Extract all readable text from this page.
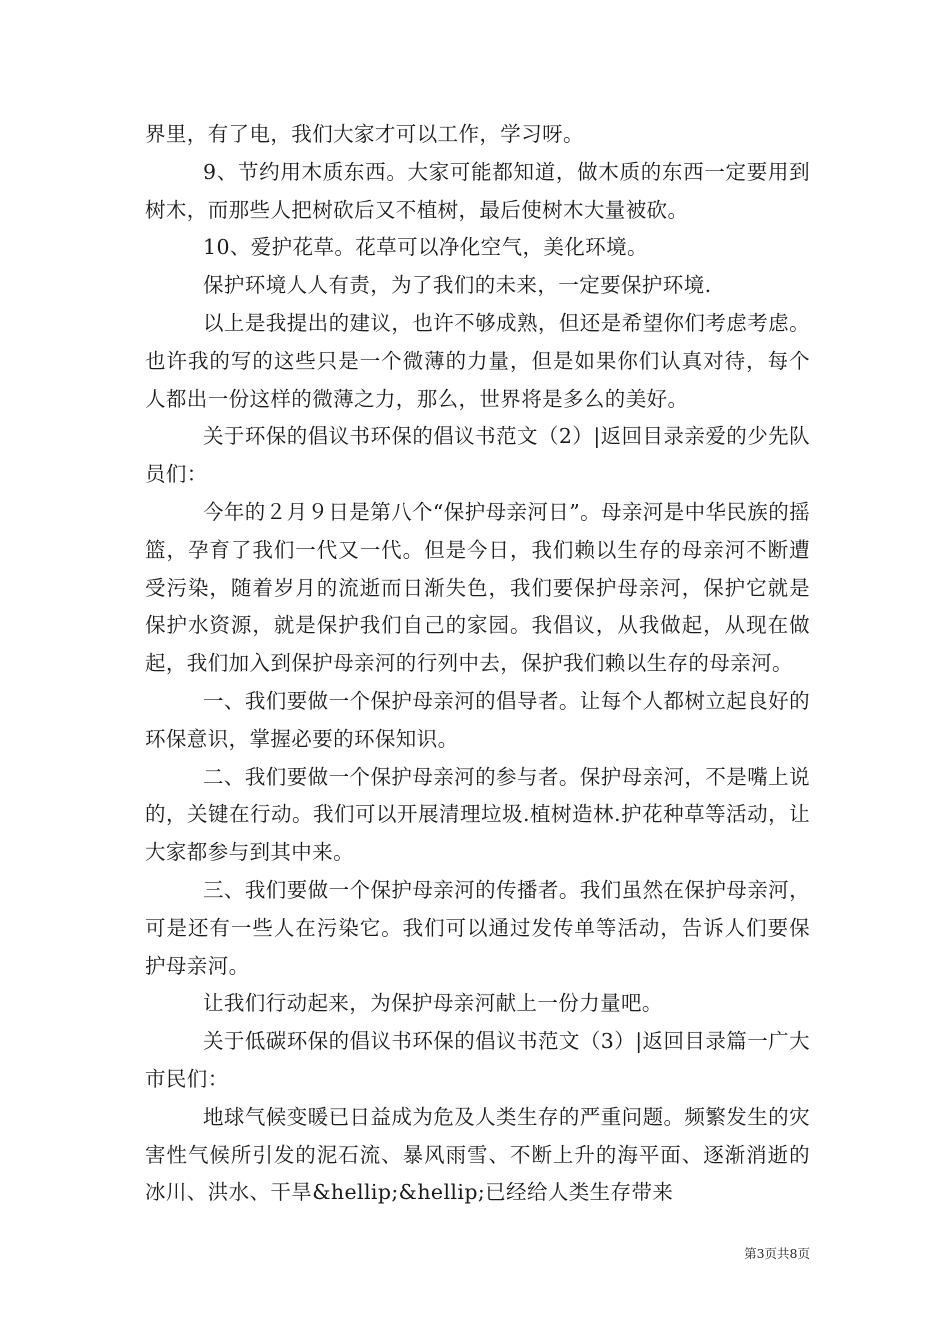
界里，有了电，我们大家才可以工作，学习呀。

9、节约用木质东西。大家可能都知道，做木质的东西一定要用到树木，而那些人把树砍后又不植树，最后使树木大量被砍。

10、爱护花草。花草可以净化空气，美化环境。

保护环境人人有责，为了我们的未来，一定要保护环境.

以上是我提出的建议，也许不够成熟，但还是希望你们考虑考虑。也许我的写的这些只是一个微薄的力量，但是如果你们认真对待，每个人都出一份这样的微薄之力，那么，世界将是多么的美好。

关于环保的倡议书环保的倡议书范文（2）|返回目录亲爱的少先队员们：

今年的２月９日是第八个“保护母亲河日”。母亲河是中华民族的摇篮，孕育了我们一代又一代。但是今日，我们赖以生存的母亲河不断遭受污染，随着岁月的流逝而日渐失色，我们要保护母亲河，保护它就是保护水资源，就是保护我们自己的家园。我倡议，从我做起，从现在做起，我们加入到保护母亲河的行列中去，保护我们赖以生存的母亲河。

一、我们要做一个保护母亲河的倡导者。让每个人都树立起良好的环保意识，掌握必要的环保知识。

二、我们要做一个保护母亲河的参与者。保护母亲河，不是嘴上说的，关键在行动。我们可以开展清理垃圾.植树造林.护花种草等活动，让大家都参与到其中来。

三、我们要做一个保护母亲河的传播者。我们虽然在保护母亲河，可是还有一些人在污染它。我们可以通过发传单等活动，告诉人们要保护母亲河。

让我们行动起来，为保护母亲河献上一份力量吧。

关于低碳环保的倡议书环保的倡议书范文（3）|返回目录篇一广大市民们：

地球气候变暖已日益成为危及人类生存的严重问题。频繁发生的灾害性气候所引发的泥石流、暴风雨雪、不断上升的海平面、逐渐消逝的冰川、洪水、干旱&hellip;&hellip;已经给人类生存带来

第3页共8页
